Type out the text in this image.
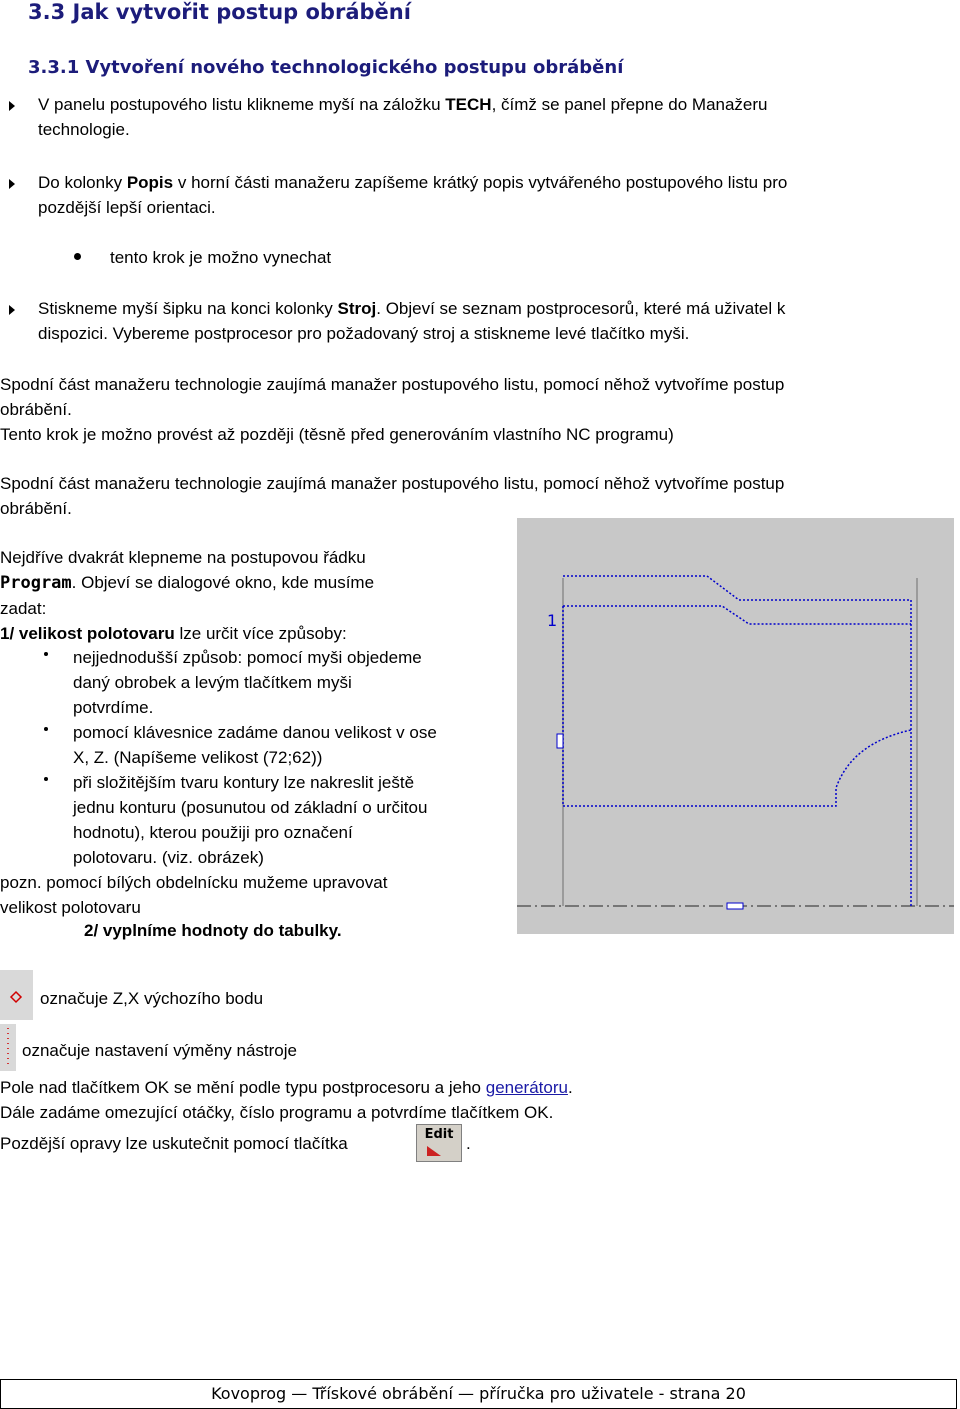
3.3 Jak vytvořit postup obrábění
3.3.1 Vytvoření nového technologického postupu obrábění
V panelu postupového listu klikneme myší na záložku TECH, čímž se panel přepne do Manažeru
technologie.
Do kolonky Popis v horní části manažeru zapíšeme krátký popis vytvářeného postupového listu pro
pozdější lepší orientaci.
tento krok je možno vynechat
Stiskneme myší šipku na konci kolonky Stroj. Objeví se seznam postprocesorů, které má uživatel k
dispozici. Vybereme postprocesor pro požadovaný stroj a stiskneme levé tlačítko myši.
Spodní část manažeru technologie zaujímá manažer postupového listu, pomocí něhož vytvoříme postup
obrábění.
Tento krok je možno provést až později (těsně před generováním vlastního NC programu)
Spodní část manažeru technologie zaujímá manažer postupového listu, pomocí něhož vytvoříme postup
obrábění.
Nejdříve dvakrát klepneme na postupovou řádku
Program. Objeví se dialogové okno, kde musíme
zadat:
1/ velikost polotovaru lze určit více způsoby:
nejjednodušší způsob: pomocí myši objedeme
daný obrobek a levým tlačítkem myši
potvrdíme.
pomocí klávesnice zadáme danou velikost v ose
X, Z. (Napíšeme velikost (72;62))
při složitějším tvaru kontury lze nakreslit ještě
jednu konturu (posunutou od základní o určitou
hodnotu), kterou použiji pro označení
polotovaru. (viz. obrázek)
pozn. pomocí bílých obdelnícku mužeme upravovat
velikost polotovaru
2/ vyplníme hodnoty do tabulky.
1
označuje Z,X výchozího bodu
označuje nastavení výměny nástroje
Pole nad tlačítkem OK se mění podle typu postprocesoru a jeho generátoru.
Dále zadáme omezující otáčky, číslo programu a potvrdíme tlačítkem OK.
Pozdější opravy lze uskutečnit pomocí tlačítka	Edit .
Kovoprog — Třískové obrábění — příručka pro uživatele - strana 20
